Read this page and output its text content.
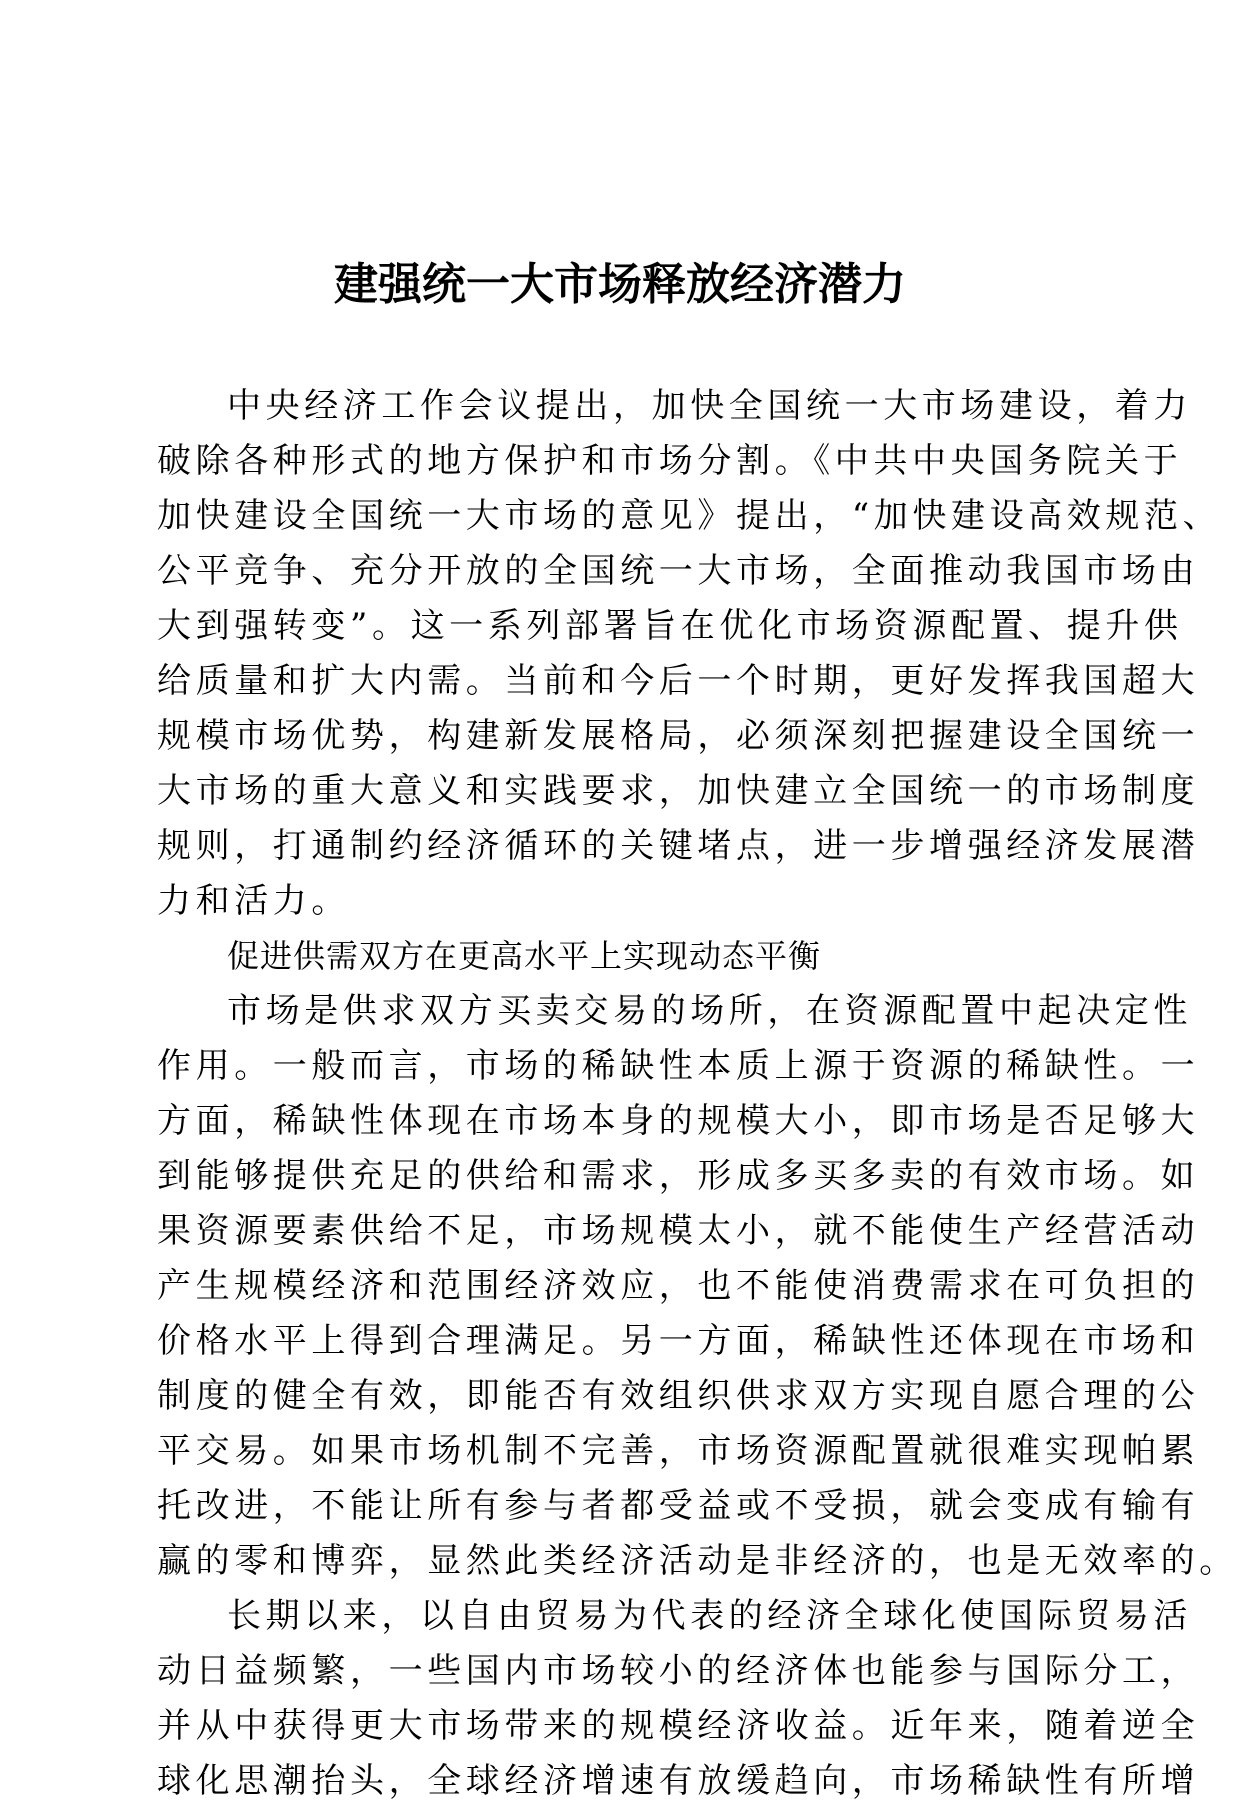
建强统一大市场释放经济潜力
中央经济工作会议提出，加快全国统一大市场建设，着力
破除各种形式的地方保护和市场分割。《中共中央国务院关于
加快建设全国统一大市场的意见》提出，“加快建设高效规范、
公平竞争、充分开放的全国统一大市场，全面推动我国市场由
大到强转变”。这一系列部署旨在优化市场资源配置、提升供
给质量和扩大内需。当前和今后一个时期，更好发挥我国超大
规模市场优势，构建新发展格局，必须深刻把握建设全国统一
大市场的重大意义和实践要求，加快建立全国统一的市场制度
规则，打通制约经济循环的关键堵点，进一步增强经济发展潜
力和活力。
促进供需双方在更高水平上实现动态平衡
市场是供求双方买卖交易的场所，在资源配置中起决定性
作用。一般而言，市场的稀缺性本质上源于资源的稀缺性。一
方面，稀缺性体现在市场本身的规模大小，即市场是否足够大
到能够提供充足的供给和需求，形成多买多卖的有效市场。如
果资源要素供给不足，市场规模太小，就不能使生产经营活动
产生规模经济和范围经济效应，也不能使消费需求在可负担的
价格水平上得到合理满足。另一方面，稀缺性还体现在市场和
制度的健全有效，即能否有效组织供求双方实现自愿合理的公
平交易。如果市场机制不完善，市场资源配置就很难实现帕累
托改进，不能让所有参与者都受益或不受损，就会变成有输有
赢的零和博弈，显然此类经济活动是非经济的，也是无效率的。
长期以来，以自由贸易为代表的经济全球化使国际贸易活
动日益频繁，一些国内市场较小的经济体也能参与国际分工，
并从中获得更大市场带来的规模经济收益。近年来，随着逆全
球化思潮抬头，全球经济增速有放缓趋向，市场稀缺性有所增
